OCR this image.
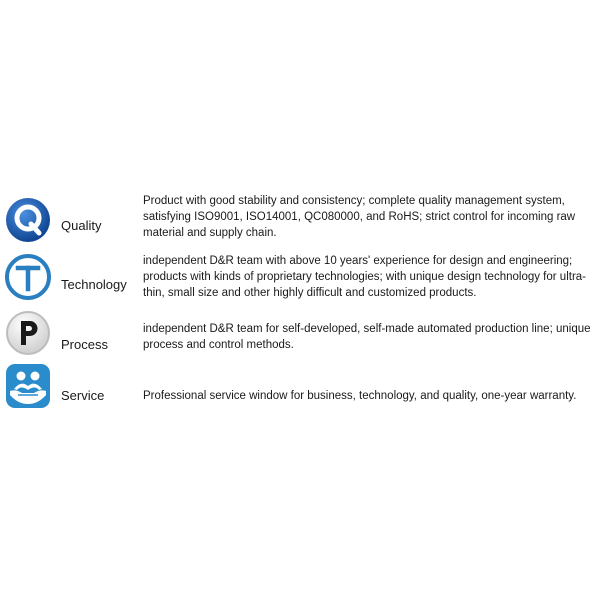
Quality
Product with good stability and consistency; complete quality management system,
satisfying ISO9001, ISO14001, QC080000, and RoHS; strict control for incoming raw
material and supply chain.
Technology
independent D&R team with above 10 years' experience for design and engineering;
products with kinds of proprietary technologies; with unique design technology for ultra-
thin, small size and other highly difficult and customized products.
Process
independent D&R team for self-developed, self-made automated production line; unique
process and control methods.
Service	Professional service window for business, technology, and quality, one-year warranty.
